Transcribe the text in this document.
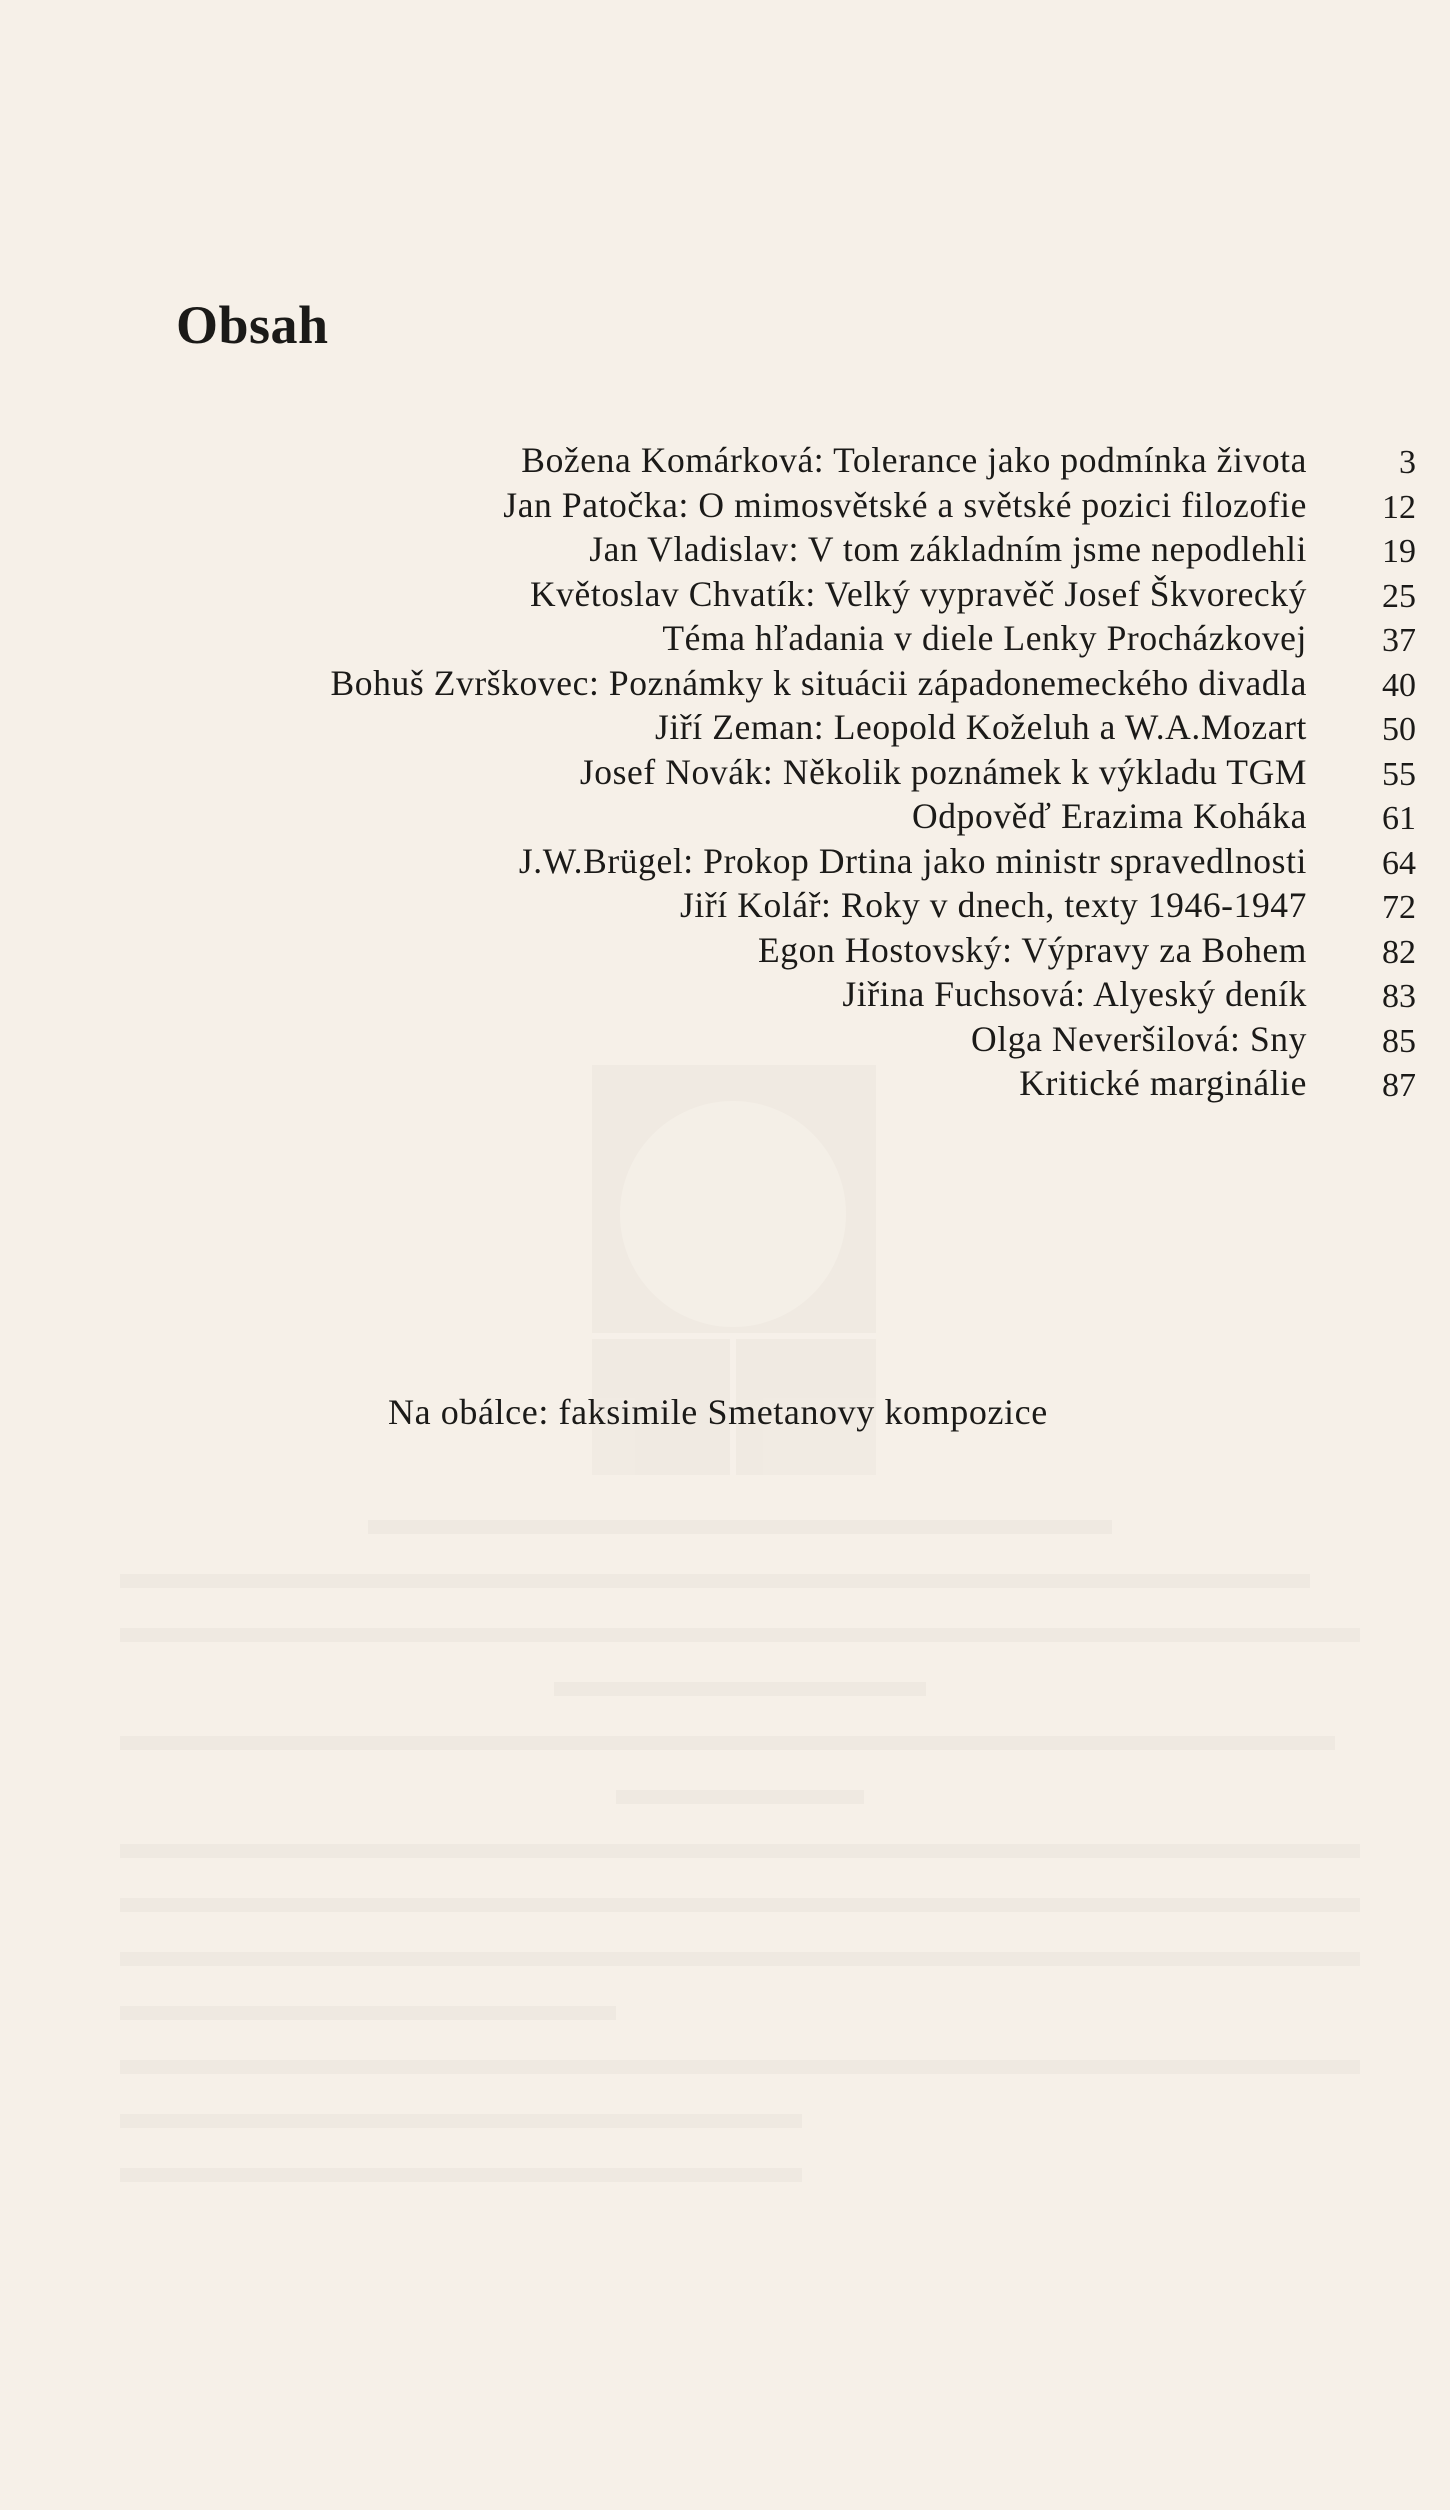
Obsah
Božena Komárková: Tolerance jako podmínka života	3
Jan Patočka: O mimosvětské a světské pozici filozofie	12
Jan Vladislav: V tom základním jsme nepodlehli	19
Květoslav Chvatík: Velký vypravěč Josef Škvorecký	25
Téma hľadania v diele Lenky Procházkovej	37
Bohuš Zvrškovec: Poznámky k situácii západonemeckého divadla	40
Jiří Zeman: Leopold Koželuh a W.A.Mozart	50
Josef Novák: Několik poznámek k výkladu TGM	55
Odpověď Erazima Koháka	61
J.W.Brügel: Prokop Drtina jako ministr spravedlnosti	64
Jiří Kolář: Roky v dnech, texty 1946-1947	72
Egon Hostovský: Výpravy za Bohem	82
Jiřina Fuchsová: Alyeský deník	83
Olga Neveršilová: Sny	85
Kritické marginálie	87
Na obálce: faksimile Smetanovy kompozice
